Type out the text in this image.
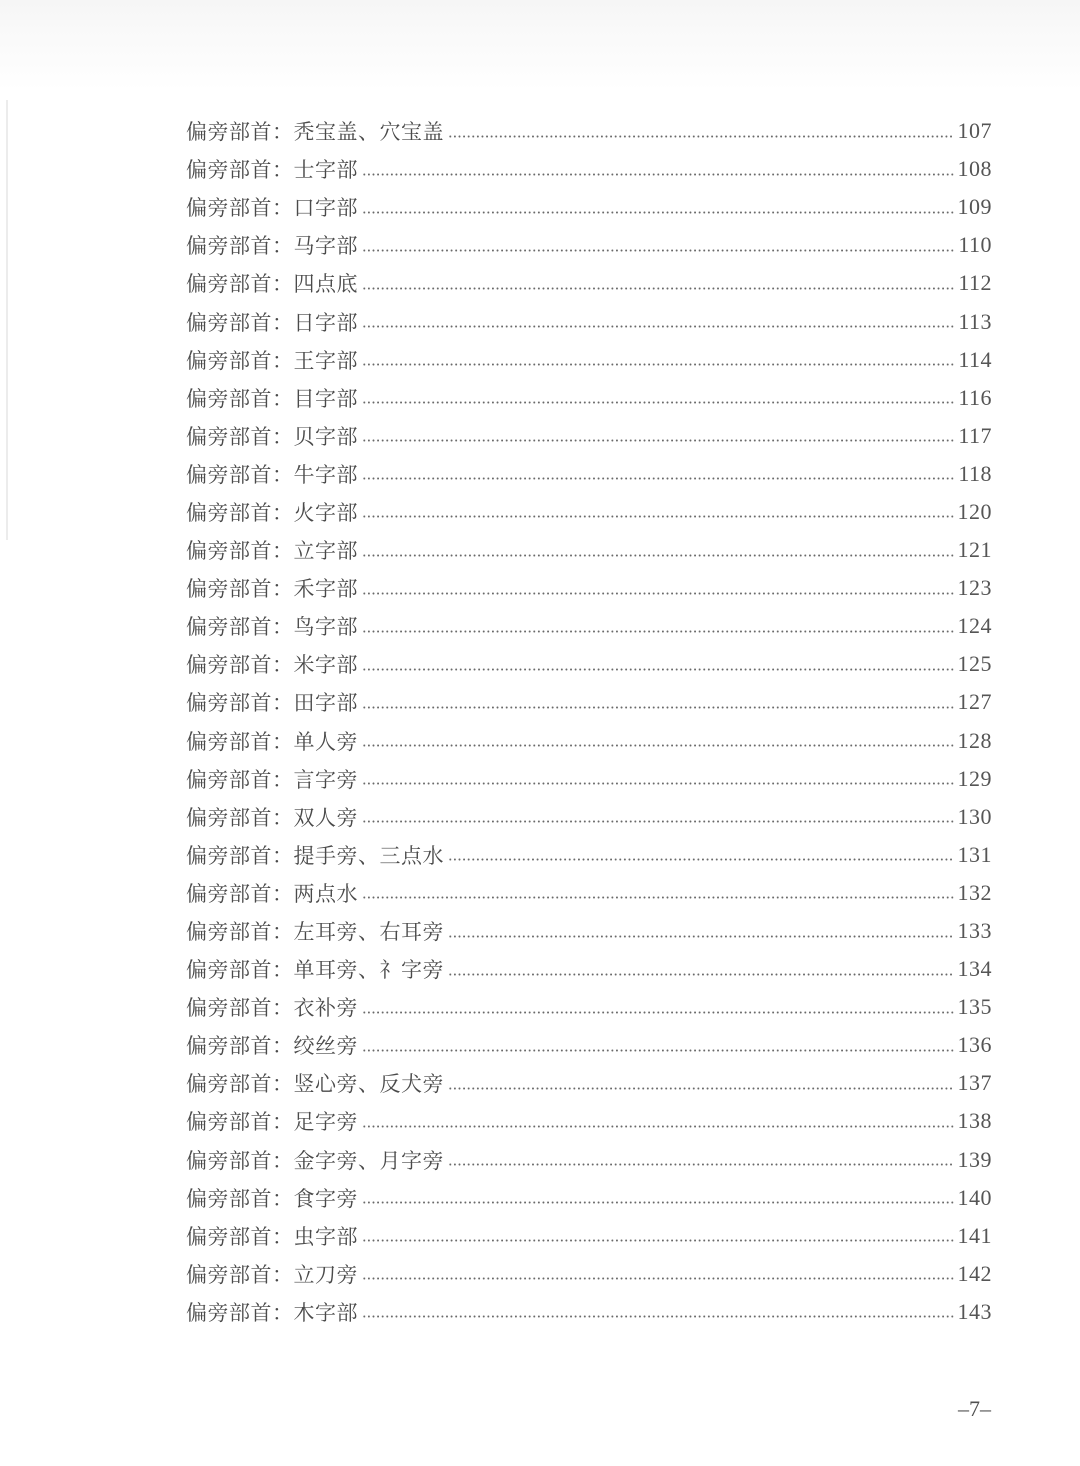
偏旁部首： 秃宝盖、穴宝盖	107
偏旁部首： 士字部	108
偏旁部首： 口字部	109
偏旁部首： 马字部	110
偏旁部首： 四点底	112
偏旁部首： 日字部	113
偏旁部首： 王字部	114
偏旁部首： 目字部	116
偏旁部首： 贝字部	117
偏旁部首： 牛字部	118
偏旁部首： 火字部	120
偏旁部首： 立字部	121
偏旁部首： 禾字部	123
偏旁部首： 鸟字部	124
偏旁部首： 米字部	125
偏旁部首： 田字部	127
偏旁部首： 单人旁	128
偏旁部首： 言字旁	129
偏旁部首： 双人旁	130
偏旁部首： 提手旁、三点水	131
偏旁部首： 两点水	132
偏旁部首： 左耳旁、右耳旁	133
偏旁部首： 单耳旁、礻字旁	134
偏旁部首： 衣补旁	135
偏旁部首： 绞丝旁	136
偏旁部首： 竖心旁、反犬旁	137
偏旁部首： 足字旁	138
偏旁部首： 金字旁、月字旁	139
偏旁部首： 食字旁	140
偏旁部首： 虫字部	141
偏旁部首： 立刀旁	142
偏旁部首： 木字部	143
–7–
